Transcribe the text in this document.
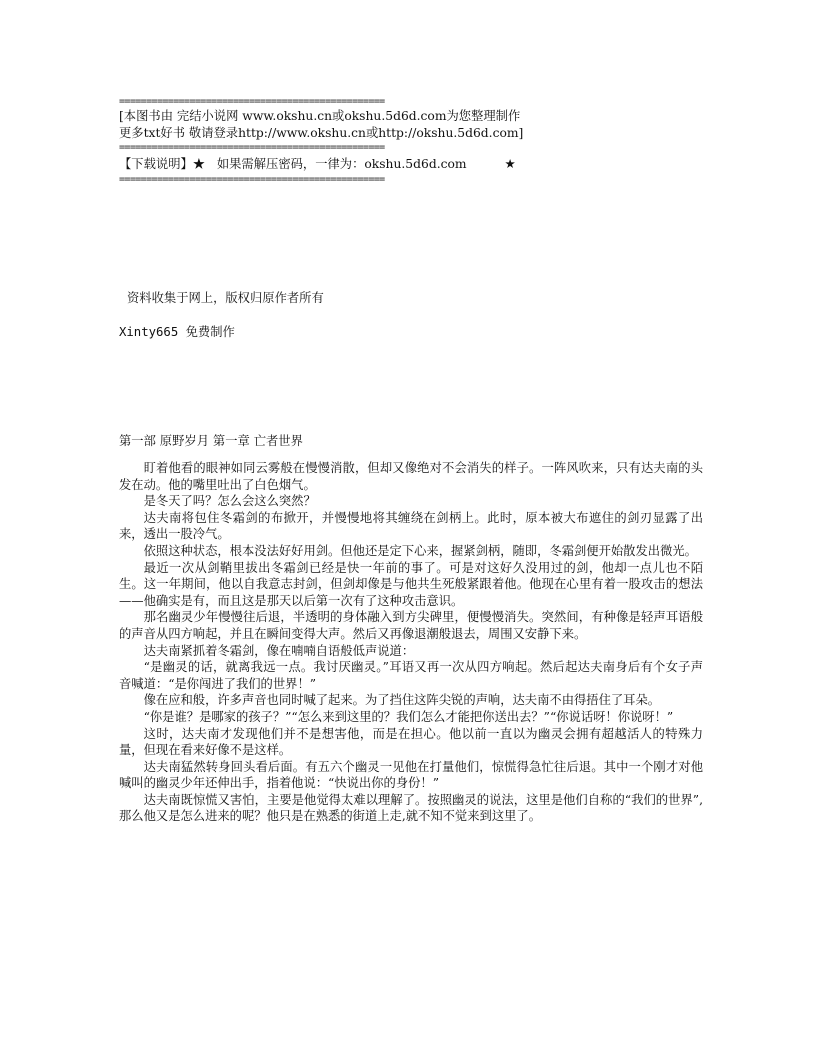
=================================================
[本图书由 完结小说网 www.okshu.cn或okshu.5d6d.com为您整理制作
更多txt好书 敬请登录http://www.okshu.cn或http://okshu.5d6d.com]
=================================================
【下载说明】★ 如果需解压密码，一律为：okshu.5d6d.com	★
=================================================
资料收集于网上，版权归原作者所有
Xinty665 免费制作
第一部 原野岁月 第一章 亡者世界

盯着他看的眼神如同云雾般在慢慢消散，但却又像绝对不会消失的样子。一阵风吹来，只有达夫南的头发在动。他的嘴里吐出了白色烟气。

是冬天了吗？怎么会这么突然？

达夫南将包住冬霜剑的布掀开，并慢慢地将其缠绕在剑柄上。此时，原本被大布遮住的剑刃显露了出来，透出一股冷气。

依照这种状态，根本没法好好用剑。但他还是定下心来，握紧剑柄，随即，冬霜剑便开始散发出微光。

最近一次从剑鞘里拔出冬霜剑已经是快一年前的事了。可是对这好久没用过的剑，他却一点儿也不陌生。这一年期间，他以自我意志封剑，但剑却像是与他共生死般紧跟着他。他现在心里有着一股攻击的想法——他确实是有，而且这是那天以后第一次有了这种攻击意识。

那名幽灵少年慢慢往后退，半透明的身体融入到方尖碑里，便慢慢消失。突然间，有种像是轻声耳语般的声音从四方响起，并且在瞬间变得大声。然后又再像退潮般退去，周围又安静下来。

达夫南紧抓着冬霜剑，像在喃喃自语般低声说道：

“是幽灵的话，就离我远一点。我讨厌幽灵。”耳语又再一次从四方响起。然后起达夫南身后有个女子声音喊道：“是你闯进了我们的世界！”

像在应和般，许多声音也同时喊了起来。为了挡住这阵尖锐的声响，达夫南不由得捂住了耳朵。

“你是谁？是哪家的孩子？”“怎么来到这里的？我们怎么才能把你送出去？”“你说话呀！你说呀！”

这时，达夫南才发现他们并不是想害他，而是在担心。他以前一直以为幽灵会拥有超越活人的特殊力量，但现在看来好像不是这样。

达夫南猛然转身回头看后面。有五六个幽灵一见他在打量他们，惊慌得急忙往后退。其中一个刚才对他喊叫的幽灵少年还伸出手，指着他说：“快说出你的身份！”

达夫南既惊慌又害怕，主要是他觉得太难以理解了。按照幽灵的说法，这里是他们自称的“我们的世界”,那么他又是怎么进来的呢？他只是在熟悉的街道上走,就不知不觉来到这里了。
